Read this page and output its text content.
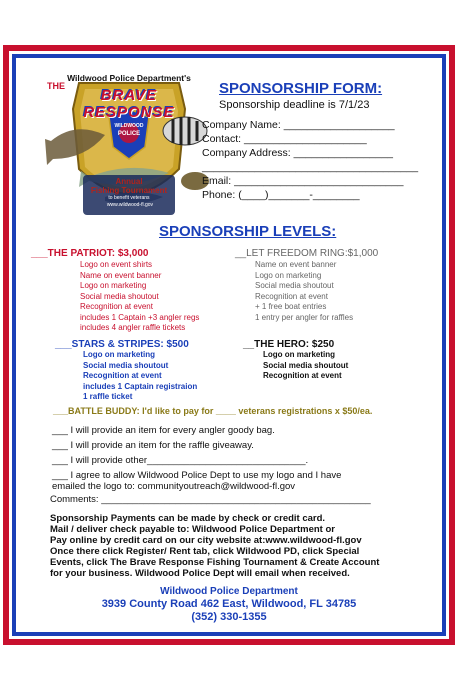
THE
Wildwood Police Department's
BRAVE RESPONSE
WILDWOOD
POLICE
Annual
Fishing Tournament
to benefit veterans
www.wildwood-fl.gov
SPONSORSHIP FORM:
Sponsorship deadline is 7/1/23
Company Name: ___________________
Contact: _____________________
Company Address: _________________
_____________________________________
Email: _____________________________
Phone: (____)_______-________
SPONSORSHIP LEVELS:
___THE PATRIOT: $3,000
Logo on event shirts
Name on event banner
Logo on marketing
Social media shoutout
Recognition at event
includes 1 Captain +3 angler regs
includes 4 angler raffle tickets
__LET FREEDOM RING:$1,000
Name on event banner
Logo on marketing
Social media shoutout
Recognition at event
+ 1 free boat entries
1 entry per angler for raffles
___STARS & STRIPES: $500
Logo on marketing
Social media shoutout
Recognition at event
includes 1 Captain registraion
1 raffle ticket
__THE HERO: $250
Logo on marketing
Social media shoutout
Recognition at event
___BATTLE BUDDY: I'd like to pay for ____ veterans registrations x $50/ea.
___ I will provide an item for every angler goody bag.
___ I will provide an item for the raffle giveaway.
___ I will provide other______________________________.
___ I agree to allow Wildwood Police Dept to use my logo and I have
emailed the logo to: communityoutreach@wildwood-fl.gov
Comments: ___________________________________________________
Sponsorship Payments can be made by check or credit card.
Mail / deliver check payable to: Wildwood Police Department or
Pay online by credit card on our city website at:www.wildwood-fl.gov
Once there click Register/ Rent tab, click Wildwood PD, click Special
Events, click The Brave Response Fishing Tournament & Create Account
for your business. Wildwood Police Dept will email when received.
Wildwood Police Department
3939 County Road 462 East, Wildwood, FL 34785
(352) 330-1355
